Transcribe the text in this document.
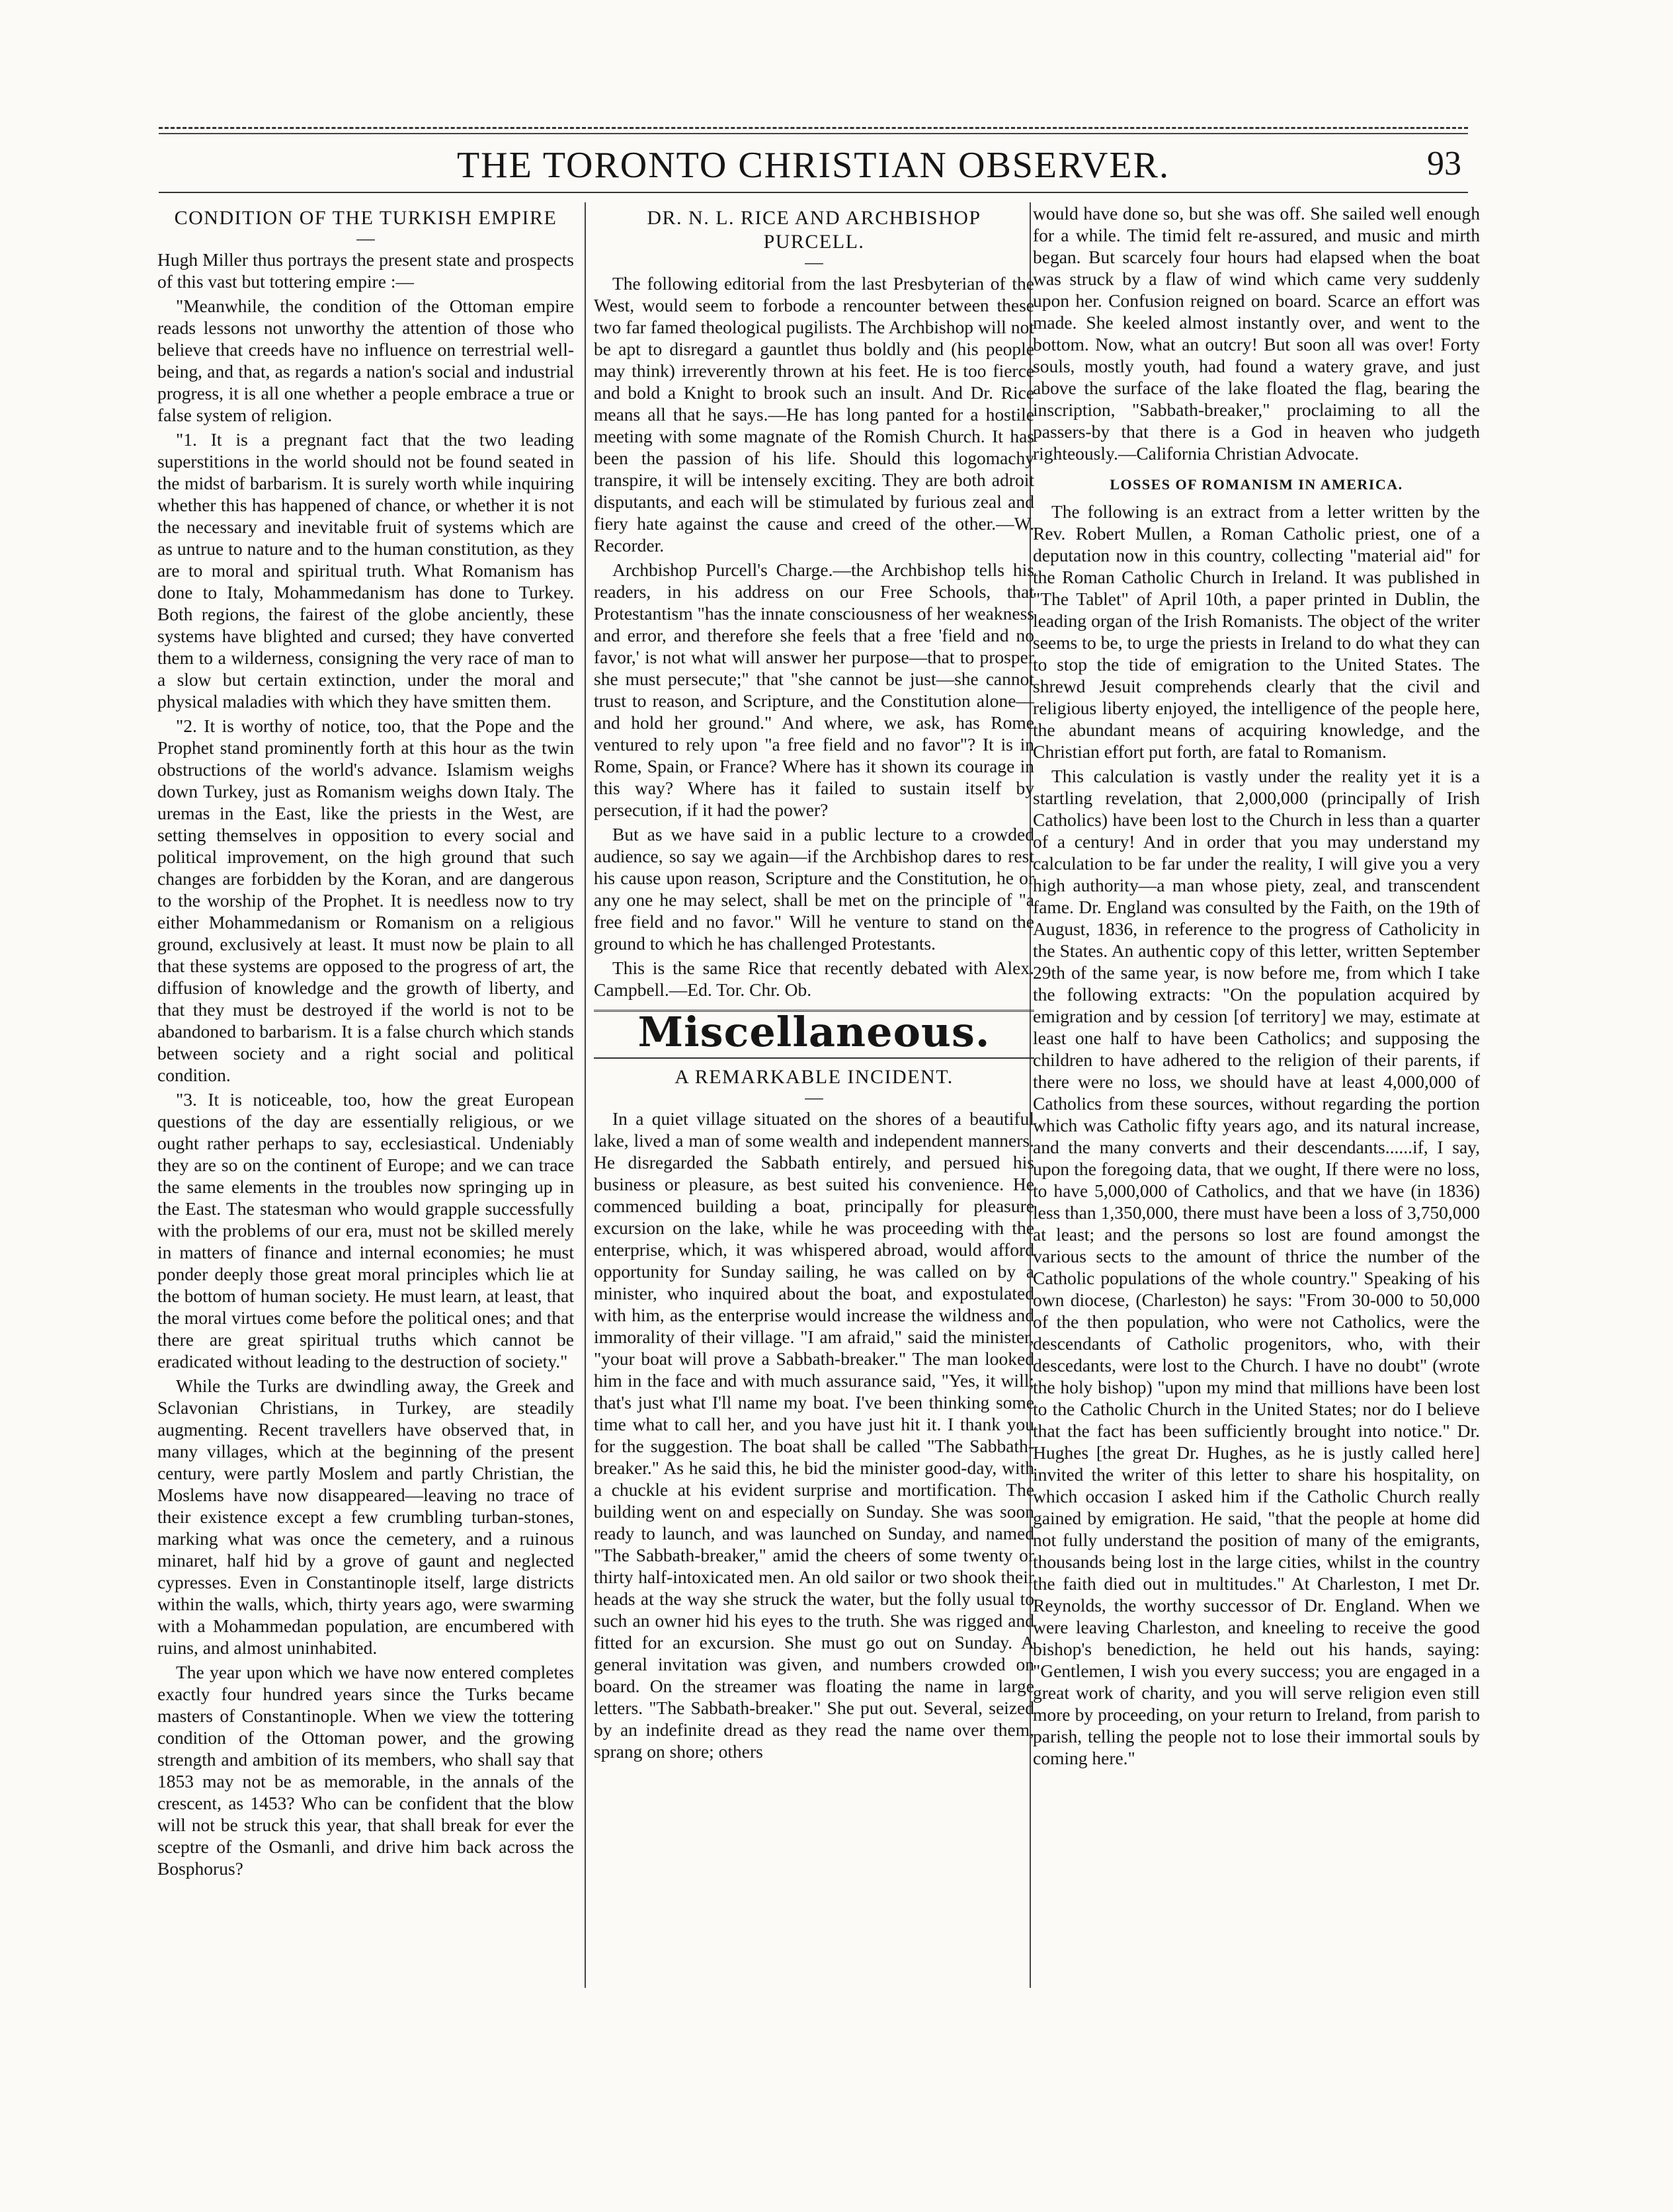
THE TORONTO CHRISTIAN OBSERVER.	93
CONDITION OF THE TURKISH EMPIRE
—

Hugh Miller thus portrays the present state and prospects of this vast but tottering empire :—

"Meanwhile, the condition of the Ottoman empire reads lessons not unworthy the attention of those who believe that creeds have no influence on terrestrial well-being, and that, as regards a nation's social and industrial progress, it is all one whether a people embrace a true or false system of religion.

"1. It is a pregnant fact that the two leading superstitions in the world should not be found seated in the midst of barbarism. It is surely worth while inquiring whether this has happened of chance, or whether it is not the necessary and inevitable fruit of systems which are as untrue to nature and to the human constitution, as they are to moral and spiritual truth. What Romanism has done to Italy, Mohammedanism has done to Turkey. Both regions, the fairest of the globe anciently, these systems have blighted and cursed; they have converted them to a wilderness, consigning the very race of man to a slow but certain extinction, under the moral and physical maladies with which they have smitten them.

"2. It is worthy of notice, too, that the Pope and the Prophet stand prominently forth at this hour as the twin obstructions of the world's advance. Islamism weighs down Turkey, just as Romanism weighs down Italy. The uremas in the East, like the priests in the West, are setting themselves in opposition to every social and political improvement, on the high ground that such changes are forbidden by the Koran, and are dangerous to the worship of the Prophet. It is needless now to try either Mohammedanism or Romanism on a religious ground, exclusively at least. It must now be plain to all that these systems are opposed to the progress of art, the diffusion of knowledge and the growth of liberty, and that they must be destroyed if the world is not to be abandoned to barbarism. It is a false church which stands between society and a right social and political condition.

"3. It is noticeable, too, how the great European questions of the day are essentially religious, or we ought rather perhaps to say, ecclesiastical. Undeniably they are so on the continent of Europe; and we can trace the same elements in the troubles now springing up in the East. The statesman who would grapple successfully with the problems of our era, must not be skilled merely in matters of finance and internal economies; he must ponder deeply those great moral principles which lie at the bottom of human society. He must learn, at least, that the moral virtues come before the political ones; and that there are great spiritual truths which cannot be eradicated without leading to the destruction of society."

While the Turks are dwindling away, the Greek and Sclavonian Christians, in Turkey, are steadily augmenting. Recent travellers have observed that, in many villages, which at the beginning of the present century, were partly Moslem and partly Christian, the Moslems have now disappeared—leaving no trace of their existence except a few crumbling turban-stones, marking what was once the cemetery, and a ruinous minaret, half hid by a grove of gaunt and neglected cypresses. Even in Constantinople itself, large districts within the walls, which, thirty years ago, were swarming with a Mohammedan population, are encumbered with ruins, and almost uninhabited.

The year upon which we have now entered completes exactly four hundred years since the Turks became masters of Constantinople. When we view the tottering condition of the Ottoman power, and the growing strength and ambition of its members, who shall say that 1853 may not be as memorable, in the annals of the crescent, as 1453? Who can be confident that the blow will not be struck this year, that shall break for ever the sceptre of the Osmanli, and drive him back across the Bosphorus?

DR. N. L. RICE AND ARCHBISHOP
PURCELL.
—

The following editorial from the last Presbyterian of the West, would seem to forbode a rencounter between these two far famed theological pugilists. The Archbishop will not be apt to disregard a gauntlet thus boldly and (his people may think) irreverently thrown at his feet. He is too fierce and bold a Knight to brook such an insult. And Dr. Rice means all that he says.—He has long panted for a hostile meeting with some magnate of the Romish Church. It has been the passion of his life. Should this logomachy transpire, it will be intensely exciting. They are both adroit disputants, and each will be stimulated by furious zeal and fiery hate against the cause and creed of the other.—W. Recorder.

Archbishop Purcell's Charge.—the Archbishop tells his readers, in his address on our Free Schools, that Protestantism "has the innate consciousness of her weakness and error, and therefore she feels that a free 'field and no favor,' is not what will answer her purpose—that to prosper she must persecute;" that "she cannot be just—she cannot trust to reason, and Scripture, and the Constitution alone—and hold her ground." And where, we ask, has Rome ventured to rely upon "a free field and no favor"? It is in Rome, Spain, or France? Where has it shown its courage in this way? Where has it failed to sustain itself by persecution, if it had the power?

But as we have said in a public lecture to a crowded audience, so say we again—if the Archbishop dares to rest his cause upon reason, Scripture and the Constitution, he or any one he may select, shall be met on the principle of "a free field and no favor." Will he venture to stand on the ground to which he has challenged Protestants.

This is the same Rice that recently debated with Alex. Campbell.—Ed. Tor. Chr. Ob.

Miscellaneous.
A REMARKABLE INCIDENT.
—

In a quiet village situated on the shores of a beautiful lake, lived a man of some wealth and independent manners. He disregarded the Sabbath entirely, and persued his business or pleasure, as best suited his convenience. He commenced building a boat, principally for pleasure excursion on the lake, while he was proceeding with the enterprise, which, it was whispered abroad, would afford opportunity for Sunday sailing, he was called on by a minister, who inquired about the boat, and expostulated with him, as the enterprise would increase the wildness and immorality of their village. "I am afraid," said the minister, "your boat will prove a Sabbath-breaker." The man looked him in the face and with much assurance said, "Yes, it will; that's just what I'll name my boat. I've been thinking some time what to call her, and you have just hit it. I thank you for the suggestion. The boat shall be called "The Sabbath-breaker." As he said this, he bid the minister good-day, with a chuckle at his evident surprise and mortification. The building went on and especially on Sunday. She was soon ready to launch, and was launched on Sunday, and named "The Sabbath-breaker," amid the cheers of some twenty or thirty half-intoxicated men. An old sailor or two shook their heads at the way she struck the water, but the folly usual to such an owner hid his eyes to the truth. She was rigged and fitted for an excursion. She must go out on Sunday. A general invitation was given, and numbers crowded on board. On the streamer was floating the name in large letters. "The Sabbath-breaker." She put out. Several, seized by an indefinite dread as they read the name over them, sprang on shore; others

would have done so, but she was off. She sailed well enough for a while. The timid felt re-assured, and music and mirth began. But scarcely four hours had elapsed when the boat was struck by a flaw of wind which came very suddenly upon her. Confusion reigned on board. Scarce an effort was made. She keeled almost instantly over, and went to the bottom. Now, what an outcry! But soon all was over! Forty souls, mostly youth, had found a watery grave, and just above the surface of the lake floated the flag, bearing the inscription, "Sabbath-breaker," proclaiming to all the passers-by that there is a God in heaven who judgeth righteously.—California Christian Advocate.

LOSSES OF ROMANISM IN AMERICA.

The following is an extract from a letter written by the Rev. Robert Mullen, a Roman Catholic priest, one of a deputation now in this country, collecting "material aid" for the Roman Catholic Church in Ireland. It was published in "The Tablet" of April 10th, a paper printed in Dublin, the leading organ of the Irish Romanists. The object of the writer seems to be, to urge the priests in Ireland to do what they can to stop the tide of emigration to the United States. The shrewd Jesuit comprehends clearly that the civil and religious liberty enjoyed, the intelligence of the people here, the abundant means of acquiring knowledge, and the Christian effort put forth, are fatal to Romanism.

This calculation is vastly under the reality yet it is a startling revelation, that 2,000,000 (principally of Irish Catholics) have been lost to the Church in less than a quarter of a century! And in order that you may understand my calculation to be far under the reality, I will give you a very high authority—a man whose piety, zeal, and transcendent fame. Dr. England was consulted by the Faith, on the 19th of August, 1836, in reference to the progress of Catholicity in the States. An authentic copy of this letter, written September 29th of the same year, is now before me, from which I take the following extracts: "On the population acquired by emigration and by cession [of territory] we may, estimate at least one half to have been Catholics; and supposing the children to have adhered to the religion of their parents, if there were no loss, we should have at least 4,000,000 of Catholics from these sources, without regarding the portion which was Catholic fifty years ago, and its natural increase, and the many converts and their descendants......if, I say, upon the foregoing data, that we ought, If there were no loss, to have 5,000,000 of Catholics, and that we have (in 1836) less than 1,350,000, there must have been a loss of 3,750,000 at least; and the persons so lost are found amongst the various sects to the amount of thrice the number of the Catholic populations of the whole country." Speaking of his own diocese, (Charleston) he says: "From 30-000 to 50,000 of the then population, who were not Catholics, were the descendants of Catholic progenitors, who, with their descedants, were lost to the Church. I have no doubt" (wrote the holy bishop) "upon my mind that millions have been lost to the Catholic Church in the United States; nor do I believe that the fact has been sufficiently brought into notice." Dr. Hughes [the great Dr. Hughes, as he is justly called here] invited the writer of this letter to share his hospitality, on which occasion I asked him if the Catholic Church really gained by emigration. He said, "that the people at home did not fully understand the position of many of the emigrants, thousands being lost in the large cities, whilst in the country the faith died out in multitudes." At Charleston, I met Dr. Reynolds, the worthy successor of Dr. England. When we were leaving Charleston, and kneeling to receive the good bishop's benediction, he held out his hands, saying: "Gentlemen, I wish you every success; you are engaged in a great work of charity, and you will serve religion even still more by proceeding, on your return to Ireland, from parish to parish, telling the people not to lose their immortal souls by coming here."
